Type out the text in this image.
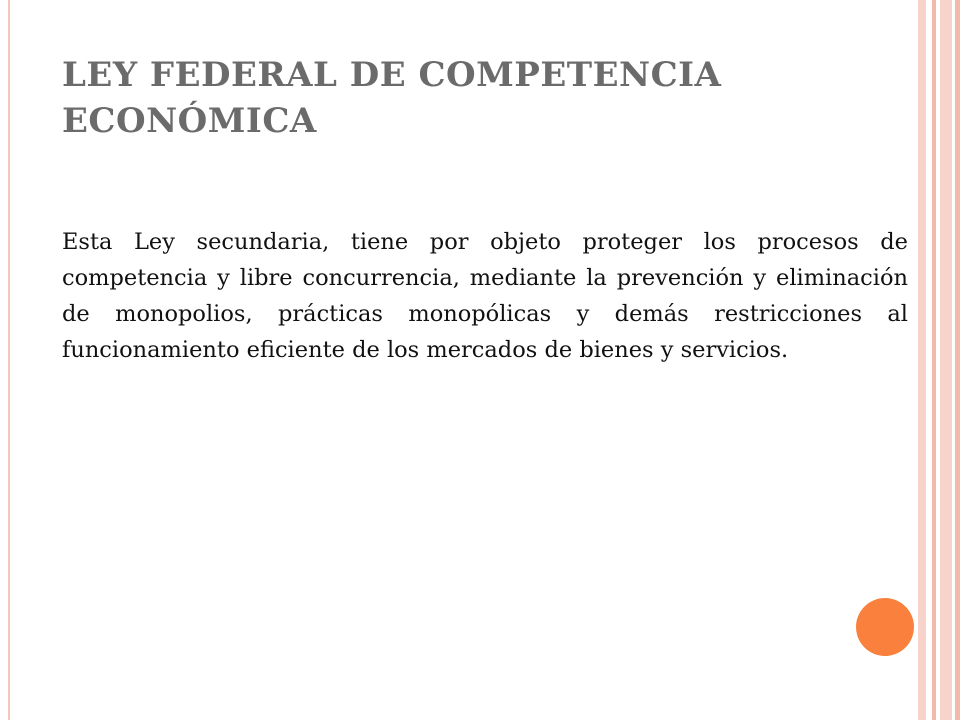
LEY FEDERAL DE COMPETENCIA ECONÓMICA

Esta Ley secundaria, tiene por objeto proteger los procesos de competencia y libre concurrencia, mediante la prevención y eliminación de monopolios, prácticas monopólicas y demás restricciones al funcionamiento eficiente de los mercados de bienes y servicios.
